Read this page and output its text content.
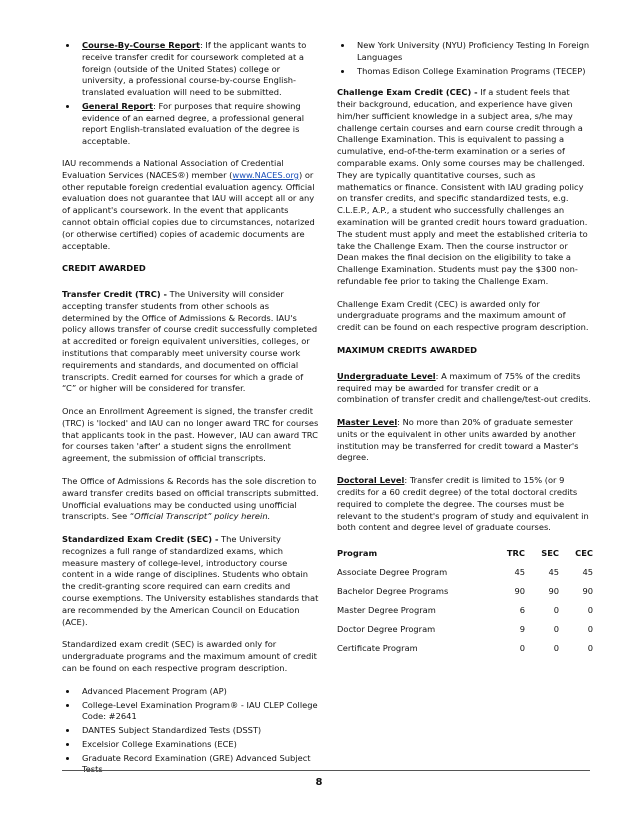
• Course-By-Course Report: If the applicant wants to receive transfer credit for coursework completed at a foreign (outside of the United States) college or university, a professional course-by-course English-translated evaluation will need to be submitted.
• General Report: For purposes that require showing evidence of an earned degree, a professional general report English-translated evaluation of the degree is acceptable.

IAU recommends a National Association of Credential Evaluation Services (NACES®) member (www.NACES.org) or other reputable foreign credential evaluation agency. Official evaluation does not guarantee that IAU will accept all or any of applicant's coursework. In the event that applicants cannot obtain official copies due to circumstances, notarized (or otherwise certified) copies of academic documents are acceptable.

CREDIT AWARDED

Transfer Credit (TRC) - The University will consider accepting transfer students from other schools as determined by the Office of Admissions & Records. IAU's policy allows transfer of course credit successfully completed at accredited or foreign equivalent universities, colleges, or institutions that comparably meet university course work requirements and standards, and documented on official transcripts. Credit earned for courses for which a grade of “C” or higher will be considered for transfer.

Once an Enrollment Agreement is signed, the transfer credit (TRC) is 'locked' and IAU can no longer award TRC for courses that applicants took in the past. However, IAU can award TRC for courses taken 'after' a student signs the enrollment agreement, the submission of official transcripts.

The Office of Admissions & Records has the sole discretion to award transfer credits based on official transcripts submitted. Unofficial evaluations may be conducted using unofficial transcripts. See “Official Transcript” policy herein.

Standardized Exam Credit (SEC) - The University recognizes a full range of standardized exams, which measure mastery of college-level, introductory course content in a wide range of disciplines. Students who obtain the credit-granting score required can earn credits and course exemptions. The University establishes standards that are recommended by the American Council on Education (ACE).

Standardized exam credit (SEC) is awarded only for undergraduate programs and the maximum amount of credit can be found on each respective program description.

• Advanced Placement Program (AP)
• College-Level Examination Program® - IAU CLEP College Code: #2641
• DANTES Subject Standardized Tests (DSST)
• Excelsior College Examinations (ECE)
• Graduate Record Examination (GRE) Advanced Subject Tests
• New York University (NYU) Proficiency Testing In Foreign Languages
• Thomas Edison College Examination Programs (TECEP)

Challenge Exam Credit (CEC) - If a student feels that their background, education, and experience have given him/her sufficient knowledge in a subject area, s/he may challenge certain courses and earn course credit through a Challenge Examination. This is equivalent to passing a cumulative, end-of-the-term examination or a series of comparable exams. Only some courses may be challenged. They are typically quantitative courses, such as mathematics or finance. Consistent with IAU grading policy on transfer credits, and specific standardized tests, e.g. C.L.E.P., A.P., a student who successfully challenges an examination will be granted credit hours toward graduation. The student must apply and meet the established criteria to take the Challenge Exam. Then the course instructor or Dean makes the final decision on the eligibility to take a Challenge Examination. Students must pay the $300 non-refundable fee prior to taking the Challenge Exam.

Challenge Exam Credit (CEC) is awarded only for undergraduate programs and the maximum amount of credit can be found on each respective program description.

MAXIMUM CREDITS AWARDED

Undergraduate Level: A maximum of 75% of the credits required may be awarded for transfer credit or a combination of transfer credit and challenge/test-out credits.

Master Level: No more than 20% of graduate semester units or the equivalent in other units awarded by another institution may be transferred for credit toward a Master's degree.

Doctoral Level: Transfer credit is limited to 15% (or 9 credits for a 60 credit degree) of the total doctoral credits required to complete the degree. The courses must be relevant to the student's program of study and equivalent in both content and degree level of graduate courses.

Program	TRC	SEC	CEC
Associate Degree Program	45	45	45
Bachelor Degree Programs	90	90	90
Master Degree Program	6	0	0
Doctor Degree Program	9	0	0
Certificate Program	0	0	0
8
